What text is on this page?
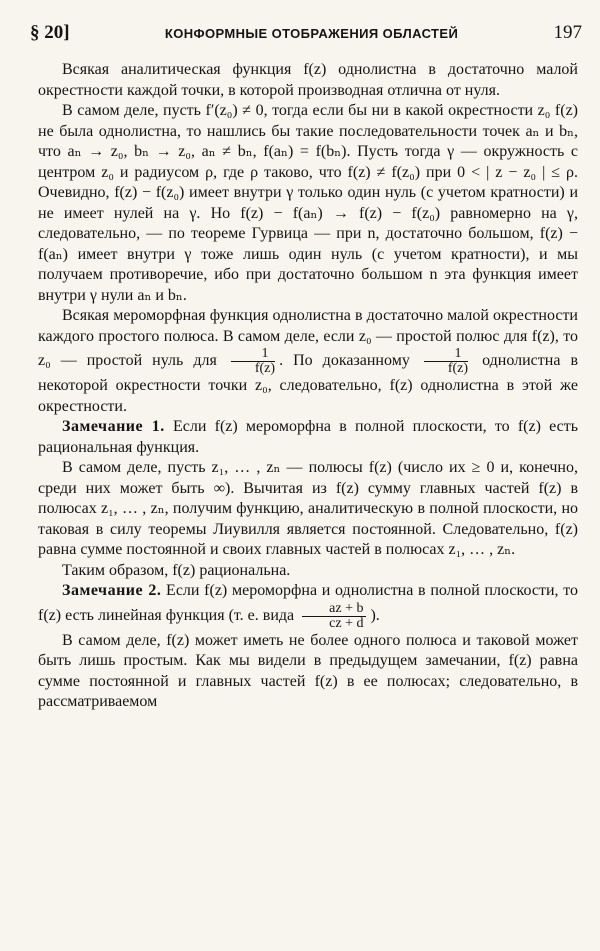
§ 20]	КОНФОРМНЫЕ ОТОБРАЖЕНИЯ ОБЛАСТЕЙ	197

Всякая аналитическая функция f(z) однолистна в достаточно малой окрестности каждой точки, в которой производная отлична от нуля.

В самом деле, пусть f′(z₀) ≠ 0, тогда если бы ни в какой окрестности z₀ f(z) не была однолистна, то нашлись бы такие последовательности точек aₙ и bₙ, что aₙ → z₀, bₙ → z₀, aₙ ≠ bₙ, f(aₙ) = f(bₙ). Пусть тогда γ — окружность с центром z₀ и радиусом ρ, где ρ таково, что f(z) ≠ f(z₀) при 0 < | z − z₀ | ≤ ρ. Очевидно, f(z) − f(z₀) имеет внутри γ только один нуль (с учетом кратности) и не имеет нулей на γ. Но f(z) − f(aₙ) → f(z) − f(z₀) равномерно на γ, следовательно, — по теореме Гурвица — при n, достаточно большом, f(z) − f(aₙ) имеет внутри γ тоже лишь один нуль (с учетом кратности), и мы получаем противоречие, ибо при достаточно большом n эта функция имеет внутри γ нули aₙ и bₙ.

Всякая мероморфная функция однолистна в достаточно малой окрестности каждого простого полюса. В самом деле, если z₀ — простой полюс для f(z), то z₀ — простой нуль для $\frac{1}{f(z)}$ . По доказанному $\frac{1}{f(z)}$ однолистна в некоторой окрестности точки z₀, следовательно, f(z) однолистна в этой же окрестности.

Замечание 1. Если f(z) мероморфна в полной плоскости, то f(z) есть рациональная функция.

В самом деле, пусть z₁, … , zₙ — полюсы f(z) (число их ≥ 0 и, конечно, среди них может быть ∞). Вычитая из f(z) сумму главных частей f(z) в полюсах z₁, … , zₙ, получим функцию, аналитическую в полной плоскости, но таковая в силу теоремы Лиувилля является постоянной. Следовательно, f(z) равна сумме постоянной и своих главных частей в полюсах z₁, … , zₙ.

Таким образом, f(z) рациональна.

Замечание 2. Если f(z) мероморфна и однолистна в полной плоскости, то f(z) есть линейная функция (т. е. вида $\frac{az + b}{cz + d}$ ).

В самом деле, f(z) может иметь не более одного полюса и таковой может быть лишь простым. Как мы видели в предыдущем замечании, f(z) равна сумме постоянной и главных частей f(z) в ее полюсах; следовательно, в рассматриваемом
